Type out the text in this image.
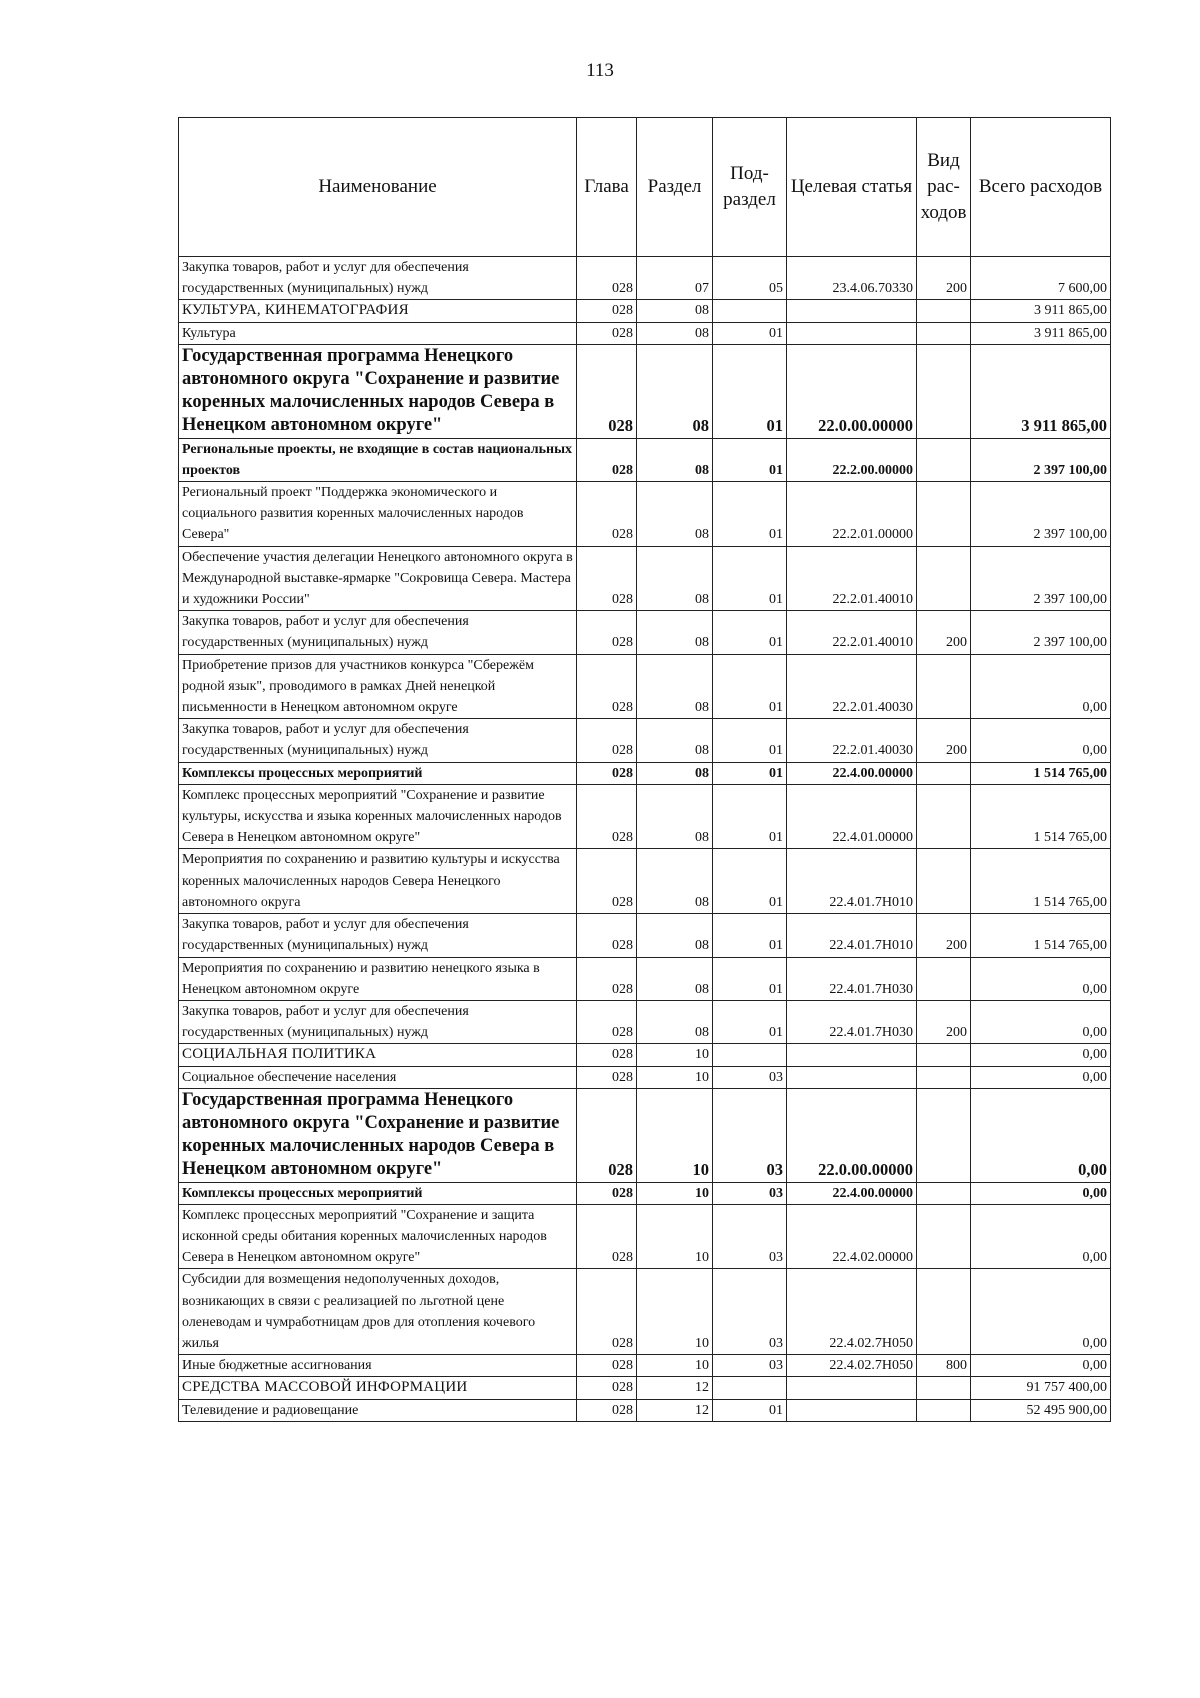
113
Наименование	Глава	Раздел	Под-раздел	Целевая статья	Вид рас-ходов	Всего расходов
Закупка товаров, работ и услуг для обеспечения государственных (муниципальных) нужд	028	07	05	23.4.06.70330	200	7 600,00
КУЛЬТУРА, КИНЕМАТОГРАФИЯ	028	08				3 911 865,00
Культура	028	08	01			3 911 865,00
Государственная программа Ненецкого автономного округа "Сохранение и развитие коренных малочисленных народов Севера в Ненецком автономном округе"	028	08	01	22.0.00.00000		3 911 865,00
Региональные проекты, не входящие в состав национальных проектов	028	08	01	22.2.00.00000		2 397 100,00
Региональный проект "Поддержка экономического и социального развития коренных малочисленных народов Севера"	028	08	01	22.2.01.00000		2 397 100,00
Обеспечение участия делегации Ненецкого автономного округа в Международной выставке-ярмарке "Сокровища Севера. Мастера и художники России"	028	08	01	22.2.01.40010		2 397 100,00
Закупка товаров, работ и услуг для обеспечения государственных (муниципальных) нужд	028	08	01	22.2.01.40010	200	2 397 100,00
Приобретение призов для участников конкурса "Сбережём родной язык", проводимого в рамках Дней ненецкой письменности в Ненецком автономном округе	028	08	01	22.2.01.40030		0,00
Закупка товаров, работ и услуг для обеспечения государственных (муниципальных) нужд	028	08	01	22.2.01.40030	200	0,00
Комплексы процессных мероприятий	028	08	01	22.4.00.00000		1 514 765,00
Комплекс процессных мероприятий "Сохранение и развитие культуры, искусства и языка коренных малочисленных народов Севера в Ненецком автономном округе"	028	08	01	22.4.01.00000		1 514 765,00
Мероприятия по сохранению и развитию культуры и искусства коренных малочисленных народов Севера Ненецкого автономного округа	028	08	01	22.4.01.7Н010		1 514 765,00
Закупка товаров, работ и услуг для обеспечения государственных (муниципальных) нужд	028	08	01	22.4.01.7Н010	200	1 514 765,00
Мероприятия по сохранению и развитию ненецкого языка в Ненецком автономном округе	028	08	01	22.4.01.7Н030		0,00
Закупка товаров, работ и услуг для обеспечения государственных (муниципальных) нужд	028	08	01	22.4.01.7Н030	200	0,00
СОЦИАЛЬНАЯ ПОЛИТИКА	028	10				0,00
Социальное обеспечение населения	028	10	03			0,00
Государственная программа Ненецкого автономного округа "Сохранение и развитие коренных малочисленных народов Севера в Ненецком автономном округе"	028	10	03	22.0.00.00000		0,00
Комплексы процессных мероприятий	028	10	03	22.4.00.00000		0,00
Комплекс процессных мероприятий "Сохранение и защита исконной среды обитания коренных малочисленных народов Севера в Ненецком автономном округе"	028	10	03	22.4.02.00000		0,00
Субсидии для возмещения недополученных доходов, возникающих в связи с реализацией по льготной цене оленеводам и чумработницам дров для отопления кочевого жилья	028	10	03	22.4.02.7Н050		0,00
Иные бюджетные ассигнования	028	10	03	22.4.02.7Н050	800	0,00
СРЕДСТВА МАССОВОЙ ИНФОРМАЦИИ	028	12				91 757 400,00
Телевидение и радиовещание	028	12	01			52 495 900,00
